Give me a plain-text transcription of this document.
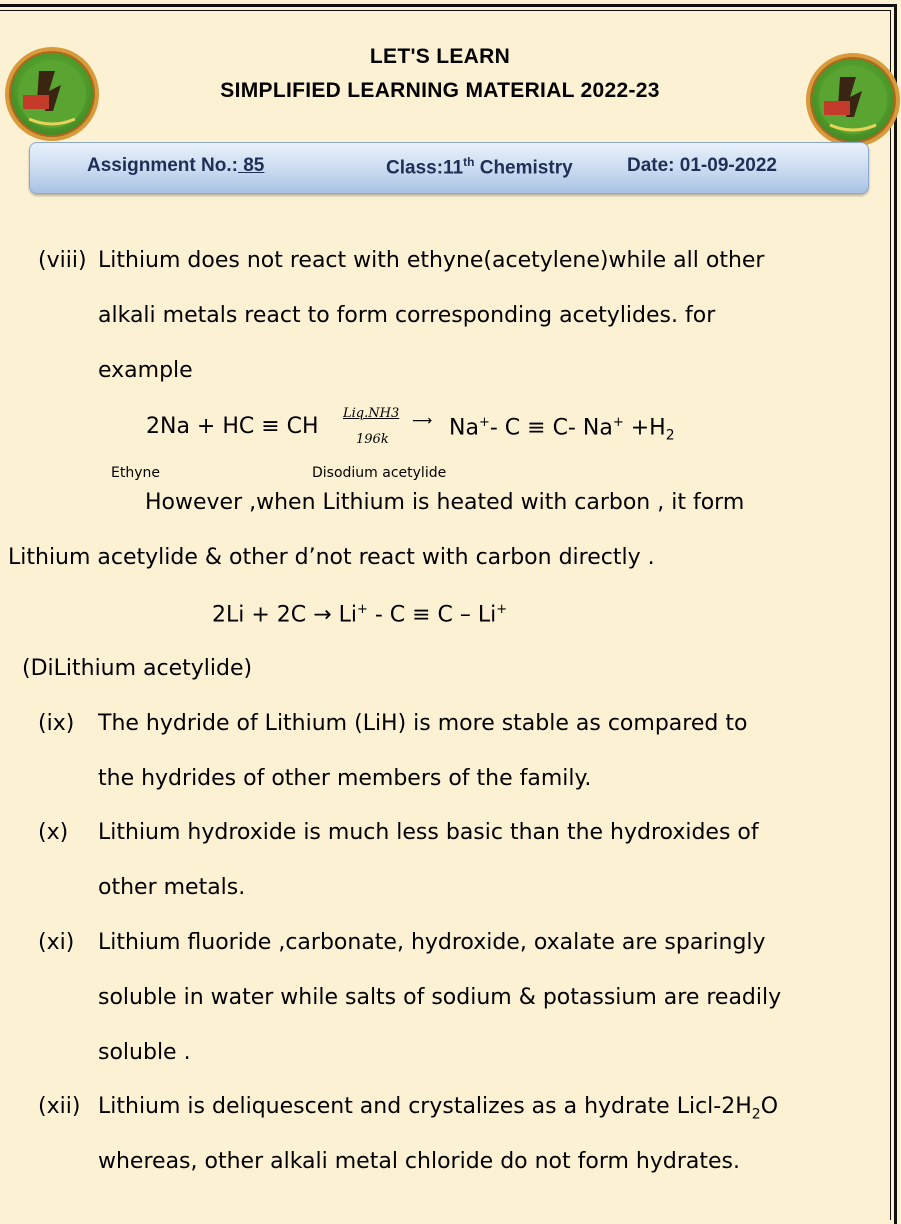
LET'S LEARN
SIMPLIFIED LEARNING MATERIAL 2022-23
Assignment No.: 85	Class:11th Chemistry	Date: 01-09-2022
(viii) Lithium does not react with ethyne(acetylene)while all other
alkali metals react to form corresponding acetylides. for
example
2Na + HC ≡ CH
Liq.NH3
196k
⟶ Na+- C ≡ C- $Na^+ +H_2$
Ethyne	Disodium acetylide
However ,when Lithium is heated with carbon , it form
Lithium acetylide & other d’not react with carbon directly .
2Li + 2C → Li+ - C ≡ C – Li+
(DiLithium acetylide)
(ix) The hydride of Lithium (LiH) is more stable as compared to
the hydrides of other members of the family.
(x) Lithium hydroxide is much less basic than the hydroxides of
other metals.
(xi) Lithium fluoride ,carbonate, hydroxide, oxalate are sparingly
soluble in water while salts of sodium & potassium are readily
soluble .
(xii) Lithium is deliquescent and crystalizes as a hydrate Licl-$2H_2O$
whereas, other alkali metal chloride do not form hydrates.
